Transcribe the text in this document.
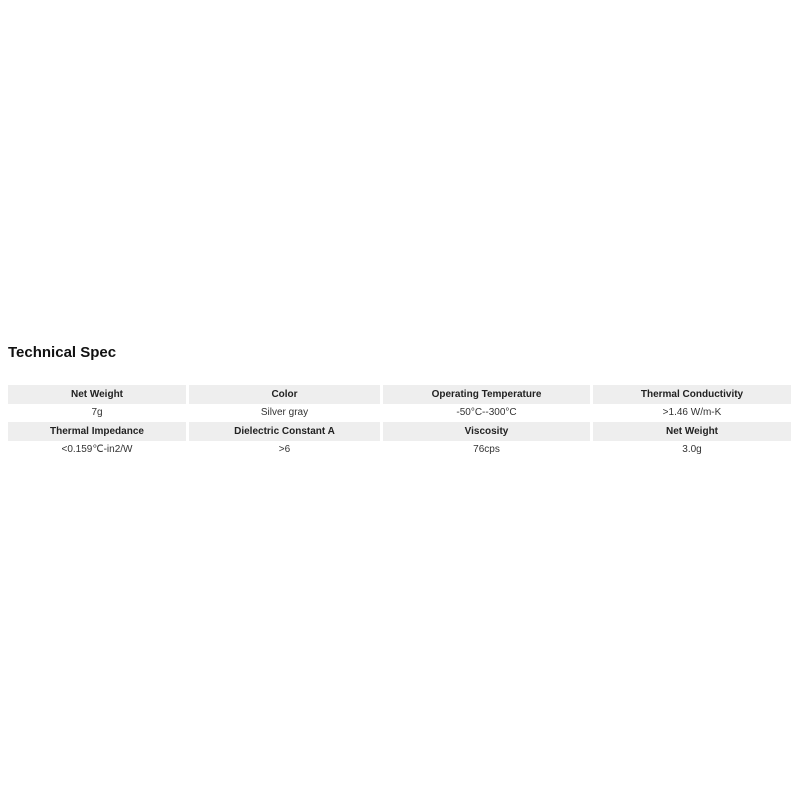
Technical Spec
Net Weight	Color	Operating Temperature	Thermal Conductivity
7g	Silver gray	-50°C--300°C	>1.46 W/m-K
Thermal Impedance	Dielectric Constant A	Viscosity	Net Weight
<0.159℃-in2/W	>6	76cps	3.0g
